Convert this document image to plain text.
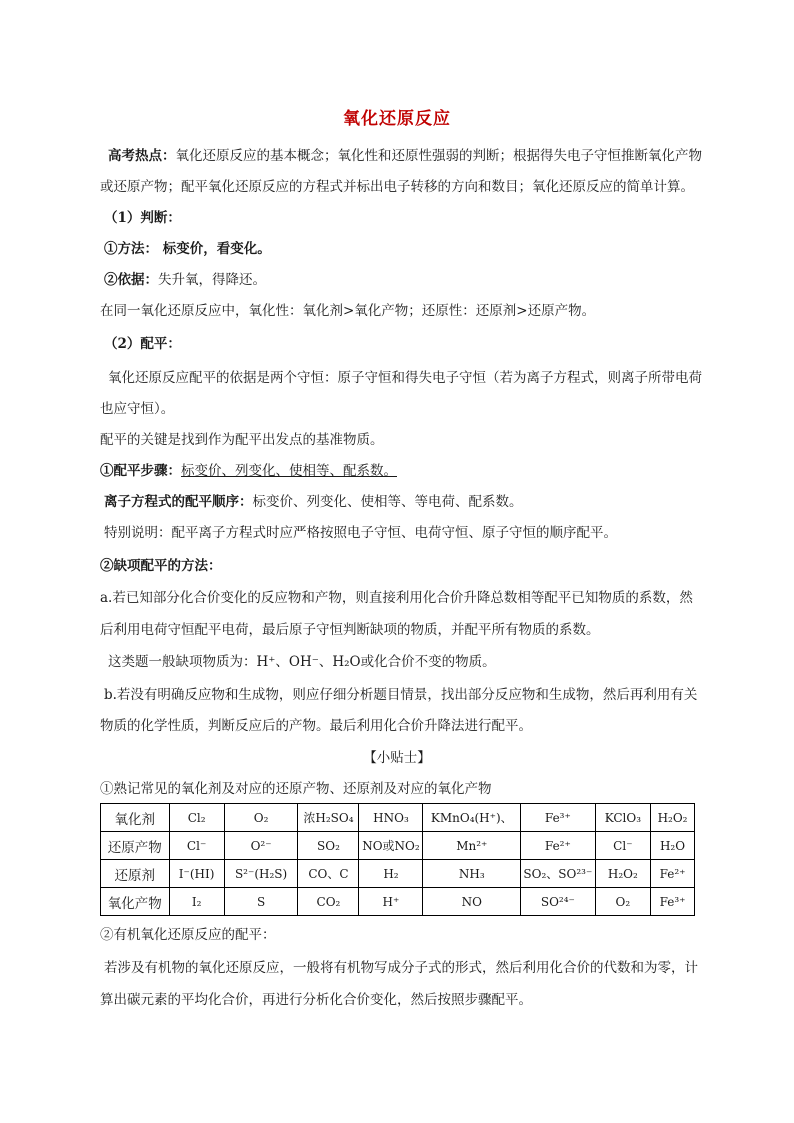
氧化还原反应
高考热点：氧化还原反应的基本概念；氧化性和还原性强弱的判断；根据得失电子守恒推断氧化产物
或还原产物；配平氧化还原反应的方程式并标出电子转移的方向和数目；氧化还原反应的简单计算。
（1）判断：
①方法： 标变价，看变化。
②依据：失升氧，得降还。
在同一氧化还原反应中，氧化性：氧化剂>氧化产物；还原性：还原剂>还原产物。
（2）配平：
氧化还原反应配平的依据是两个守恒：原子守恒和得失电子守恒（若为离子方程式，则离子所带电荷
也应守恒）。
配平的关键是找到作为配平出发点的基准物质。
①配平步骤：标变价、列变化、使相等、配系数。
离子方程式的配平顺序：标变价、列变化、使相等、等电荷、配系数。
特别说明：配平离子方程式时应严格按照电子守恒、电荷守恒、原子守恒的顺序配平。
②缺项配平的方法：
a.若已知部分化合价变化的反应物和产物，则直接利用化合价升降总数相等配平已知物质的系数，然
后利用电荷守恒配平电荷，最后原子守恒判断缺项的物质，并配平所有物质的系数。
这类题一般缺项物质为：H⁺、OH⁻、H₂O或化合价不变的物质。
b.若没有明确反应物和生成物，则应仔细分析题目情景，找出部分反应物和生成物，然后再利用有关
物质的化学性质，判断反应后的产物。最后利用化合价升降法进行配平。
【小贴士】
①熟记常见的氧化剂及对应的还原产物、还原剂及对应的氧化产物
氧化剂	Cl₂	O₂	浓H₂SO₄	HNO₃	KMnO₄(H⁺)、	Fe³⁺	KClO₃	H₂O₂
还原产物	Cl⁻	O²⁻	SO₂	NO或NO₂	Mn²⁺	Fe²⁺	Cl⁻	H₂O
还原剂	I⁻(HI)	S²⁻(H₂S)	CO、C	H₂	NH₃	SO₂、SO²³⁻	H₂O₂	Fe²⁺
氧化产物	I₂	S	CO₂	H⁺	NO	SO²⁴⁻	O₂	Fe³⁺
②有机氧化还原反应的配平：
若涉及有机物的氧化还原反应，一般将有机物写成分子式的形式，然后利用化合价的代数和为零，计
算出碳元素的平均化合价，再进行分析化合价变化，然后按照步骤配平。
